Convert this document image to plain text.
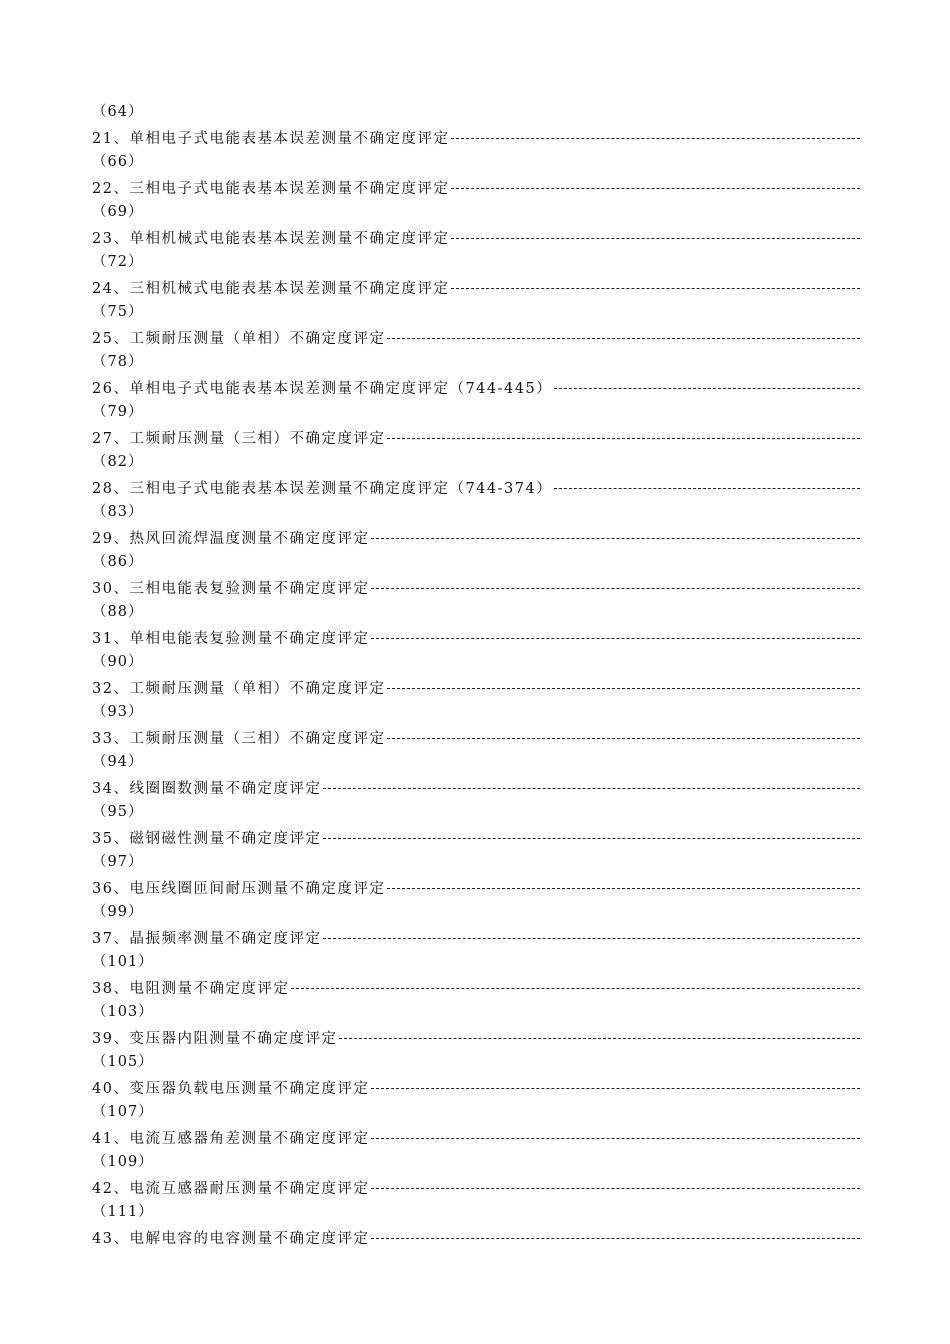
（64）
21、单相电子式电能表基本误差测量不确定度评定
（66）
22、三相电子式电能表基本误差测量不确定度评定
（69）
23、单相机械式电能表基本误差测量不确定度评定
（72）
24、三相机械式电能表基本误差测量不确定度评定
（75）
25、工频耐压测量（单相）不确定度评定
（78）
26、单相电子式电能表基本误差测量不确定度评定（744-445）
（79）
27、工频耐压测量（三相）不确定度评定
（82）
28、三相电子式电能表基本误差测量不确定度评定（744-374）
（83）
29、热风回流焊温度测量不确定度评定
（86）
30、三相电能表复验测量不确定度评定
（88）
31、单相电能表复验测量不确定度评定
（90）
32、工频耐压测量（单相）不确定度评定
（93）
33、工频耐压测量（三相）不确定度评定
（94）
34、线圈圈数测量不确定度评定
（95）
35、磁钢磁性测量不确定度评定
（97）
36、电压线圈匝间耐压测量不确定度评定
（99）
37、晶振频率测量不确定度评定
（101）
38、电阻测量不确定度评定
（103）
39、变压器内阻测量不确定度评定
（105）
40、变压器负载电压测量不确定度评定
（107）
41、电流互感器角差测量不确定度评定
（109）
42、电流互感器耐压测量不确定度评定
（111）
43、电解电容的电容测量不确定度评定
